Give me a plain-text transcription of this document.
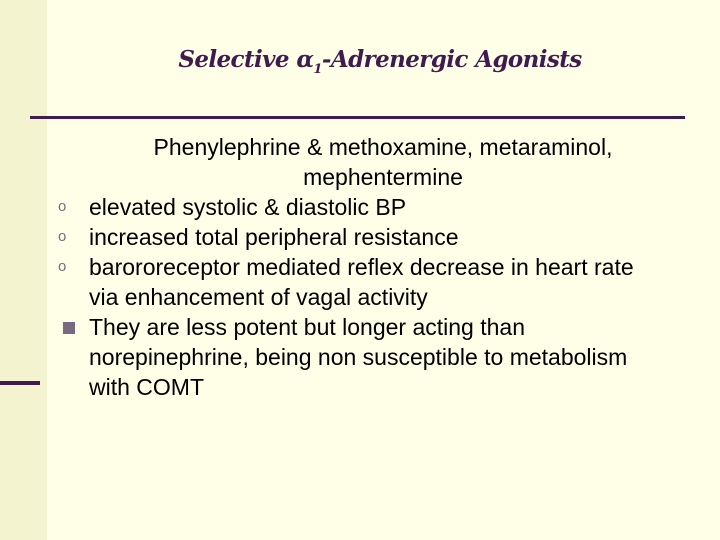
Selective $\alpha_1$-Adrenergic Agonists
Phenylephrine & methoxamine, metaraminol, mephentermine
o elevated systolic & diastolic BP
o increased total peripheral resistance
o barororeceptor mediated reflex decrease in heart rate via enhancement of vagal activity
They are less potent but longer acting than norepinephrine, being non susceptible to metabolism with COMT
